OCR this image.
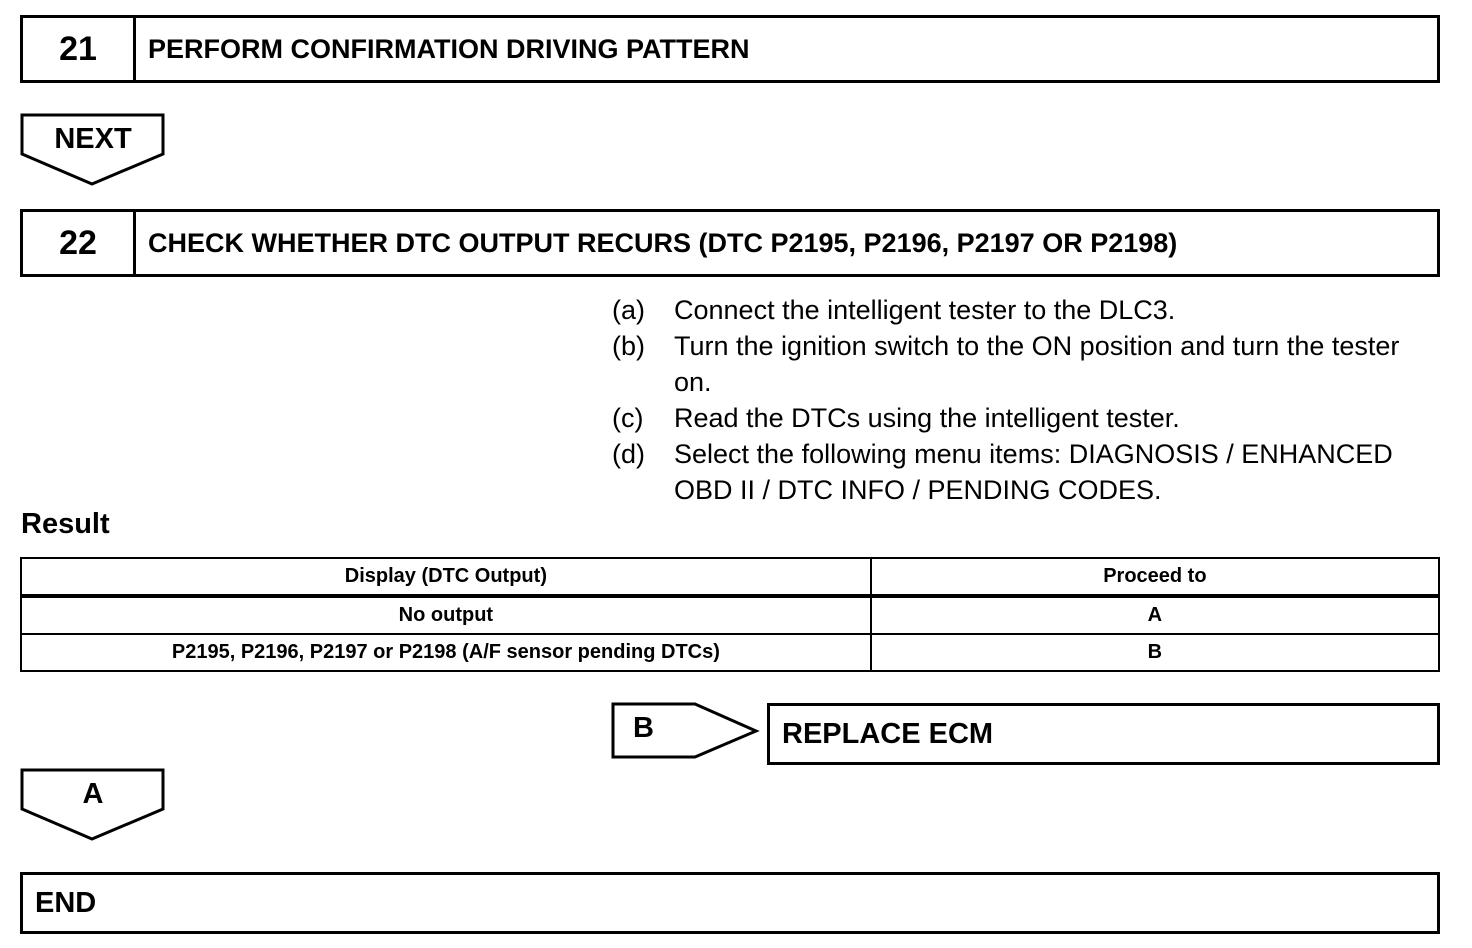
21	PERFORM CONFIRMATION DRIVING PATTERN
NEXT
22	CHECK WHETHER DTC OUTPUT RECURS (DTC P2195, P2196, P2197 OR P2198)
(a)	Connect the intelligent tester to the DLC3.
(b)	Turn the ignition switch to the ON position and turn the tester on.
(c)	Read the DTCs using the intelligent tester.
(d)	Select the following menu items: DIAGNOSIS / ENHANCED OBD II / DTC INFO / PENDING CODES.
Result
Display (DTC Output)	Proceed to
No output	A
P2195, P2196, P2197 or P2198 (A/F sensor pending DTCs)	B
B	REPLACE ECM
A
END
